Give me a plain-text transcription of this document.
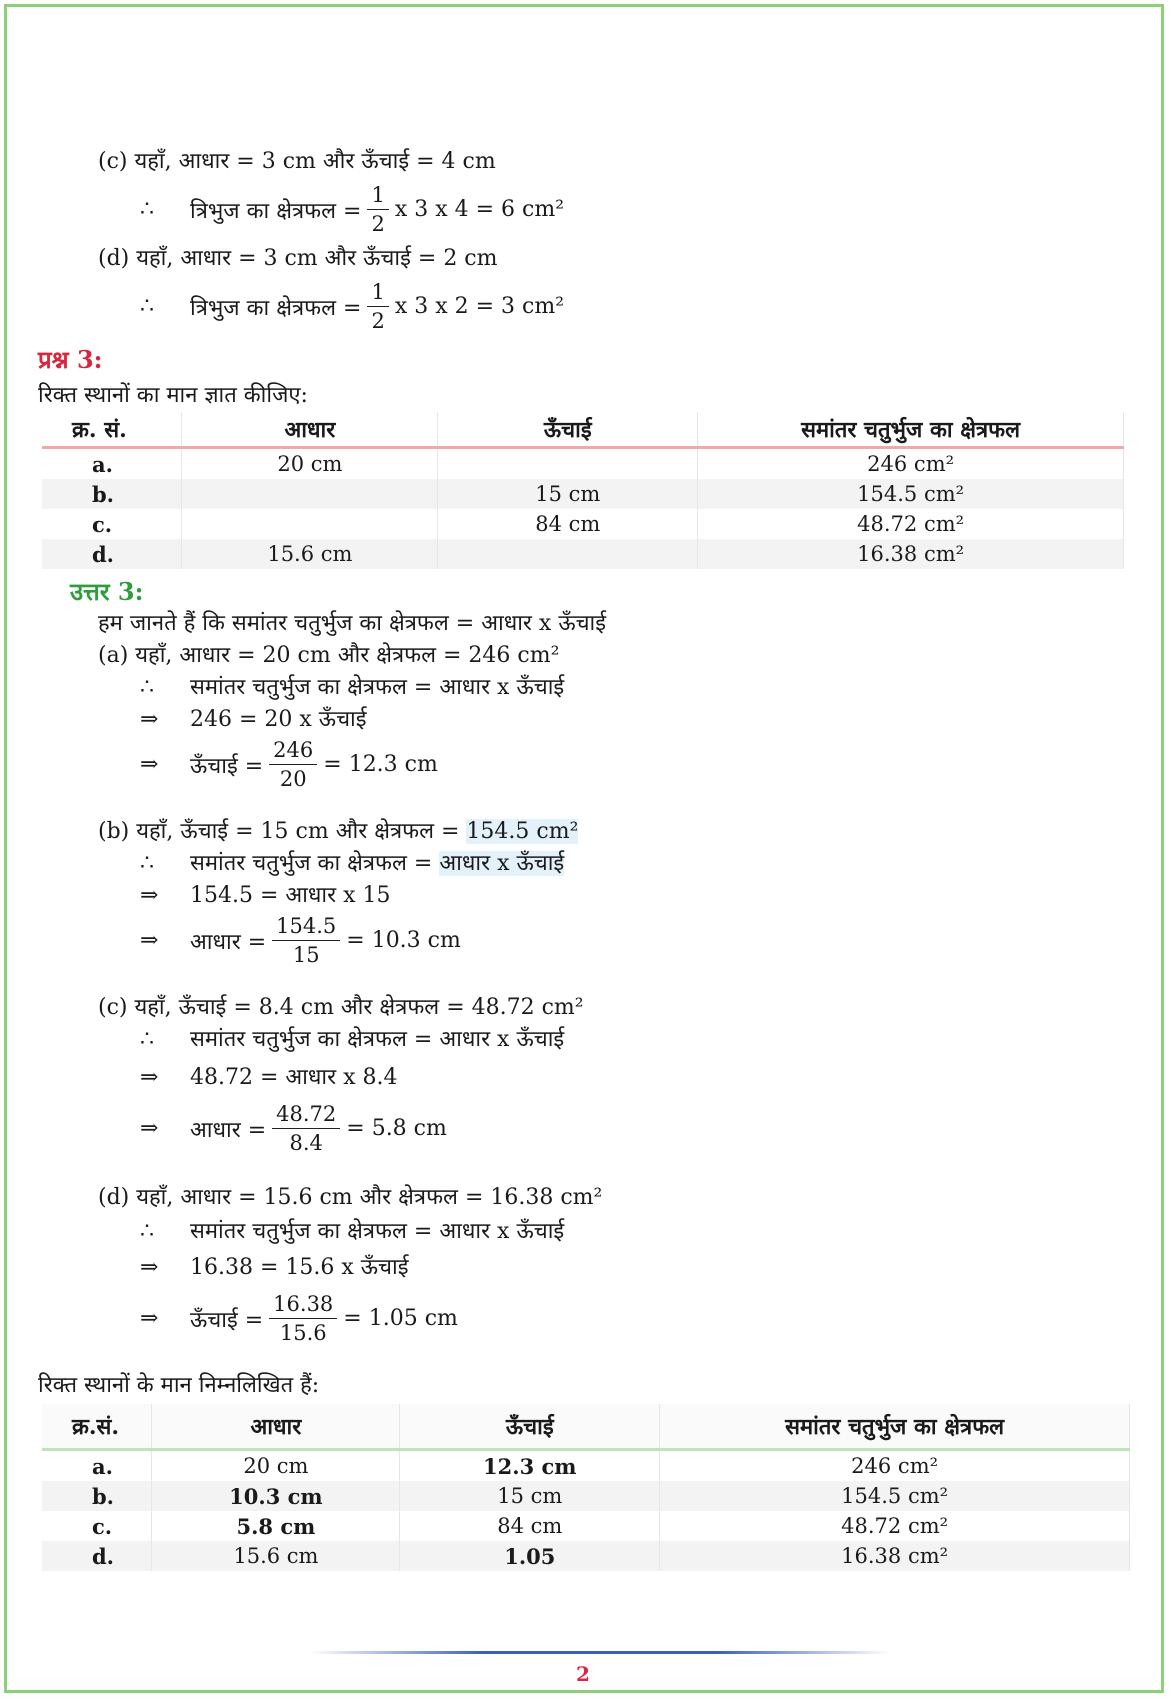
(c) यहाँ, आधार = 3 cm और ऊँचाई = 4 cm
∴	त्रिभुज का क्षेत्रफल = $\frac{1}{2}$ x 3 x 4 = 6 cm²
(d) यहाँ, आधार = 3 cm और ऊँचाई = 2 cm
∴	त्रिभुज का क्षेत्रफल = $\frac{1}{2}$ x 3 x 2 = 3 cm²
प्रश्न 3:
रिक्त स्थानों का मान ज्ञात कीजिए:
क्र. सं.	आधार	ऊँचाई	समांतर चतुर्भुज का क्षेत्रफल
a.	20 cm		246 cm²
b.		15 cm	154.5 cm²
c.		84 cm	48.72 cm²
d.	15.6 cm		16.38 cm²
उत्तर 3:
हम जानते हैं कि समांतर चतुर्भुज का क्षेत्रफल = आधार x ऊँचाई
(a) यहाँ, आधार = 20 cm और क्षेत्रफल = 246 cm²
∴ समांतर चतुर्भुज का क्षेत्रफल = आधार x ऊँचाई
⇒ 246 = 20 x ऊँचाई
⇒	ऊँचाई = $\frac{246}{20} = 12.3$ cm
(b) यहाँ, ऊँचाई = 15 cm और क्षेत्रफल = 154.5 cm²
∴ समांतर चतुर्भुज का क्षेत्रफल = आधार x ऊँचाई
⇒ 154.5 = आधार x 15
⇒	आधार = $\frac{154.5}{15} = 10.3$ cm
(c) यहाँ, ऊँचाई = 8.4 cm और क्षेत्रफल = 48.72 cm²
∴ समांतर चतुर्भुज का क्षेत्रफल = आधार x ऊँचाई
⇒ 48.72 = आधार x 8.4
⇒	आधार = $\frac{48.72}{8.4} = 5.8$ cm
(d) यहाँ, आधार = 15.6 cm और क्षेत्रफल = 16.38 cm²
∴ समांतर चतुर्भुज का क्षेत्रफल = आधार x ऊँचाई
⇒ 16.38 = 15.6 x ऊँचाई
⇒	ऊँचाई = $\frac{16.38}{15.6} = 1.05$ cm
रिक्त स्थानों के मान निम्नलिखित हैं:
क्र.सं.	आधार	ऊँचाई	समांतर चतुर्भुज का क्षेत्रफल
a.	20 cm	12.3 cm	246 cm²
b.	10.3 cm	15 cm	154.5 cm²
c.	5.8 cm	84 cm	48.72 cm²
d.	15.6 cm	1.05	16.38 cm²
2
